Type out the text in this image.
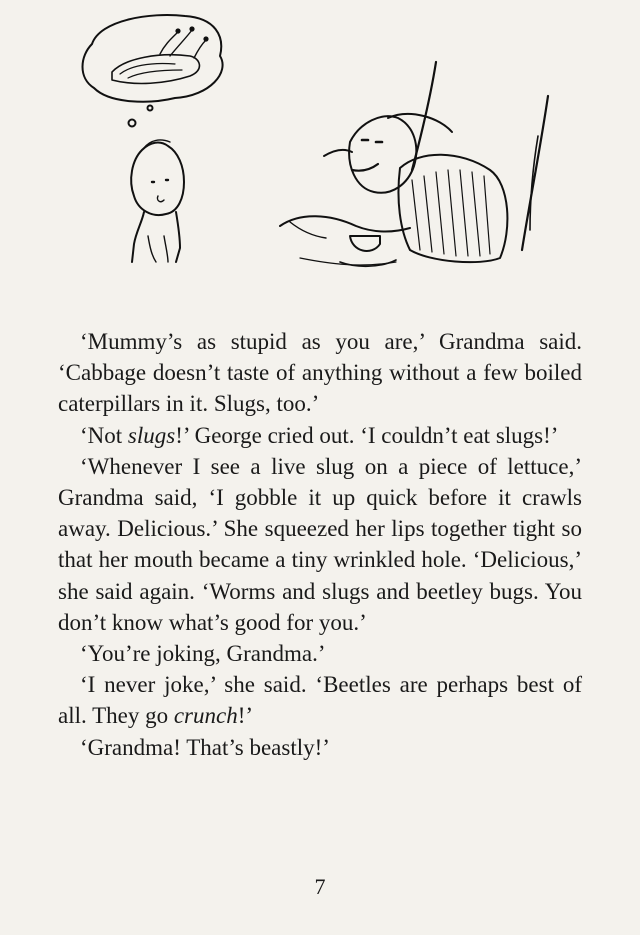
‘Mummy’s as stupid as you are,’ Grandma said. ‘Cabbage doesn’t taste of anything without a few boiled caterpillars in it. Slugs, too.’

‘Not slugs!’ George cried out. ‘I couldn’t eat slugs!’

‘Whenever I see a live slug on a piece of lettuce,’ Grandma said, ‘I gobble it up quick before it crawls away. Delicious.’ She squeezed her lips together tight so that her mouth became a tiny wrinkled hole. ‘Delicious,’ she said again. ‘Worms and slugs and beetley bugs. You don’t know what’s good for you.’

‘You’re joking, Grandma.’

‘I never joke,’ she said. ‘Beetles are perhaps best of all. They go crunch!’

‘Grandma! That’s beastly!’

7
